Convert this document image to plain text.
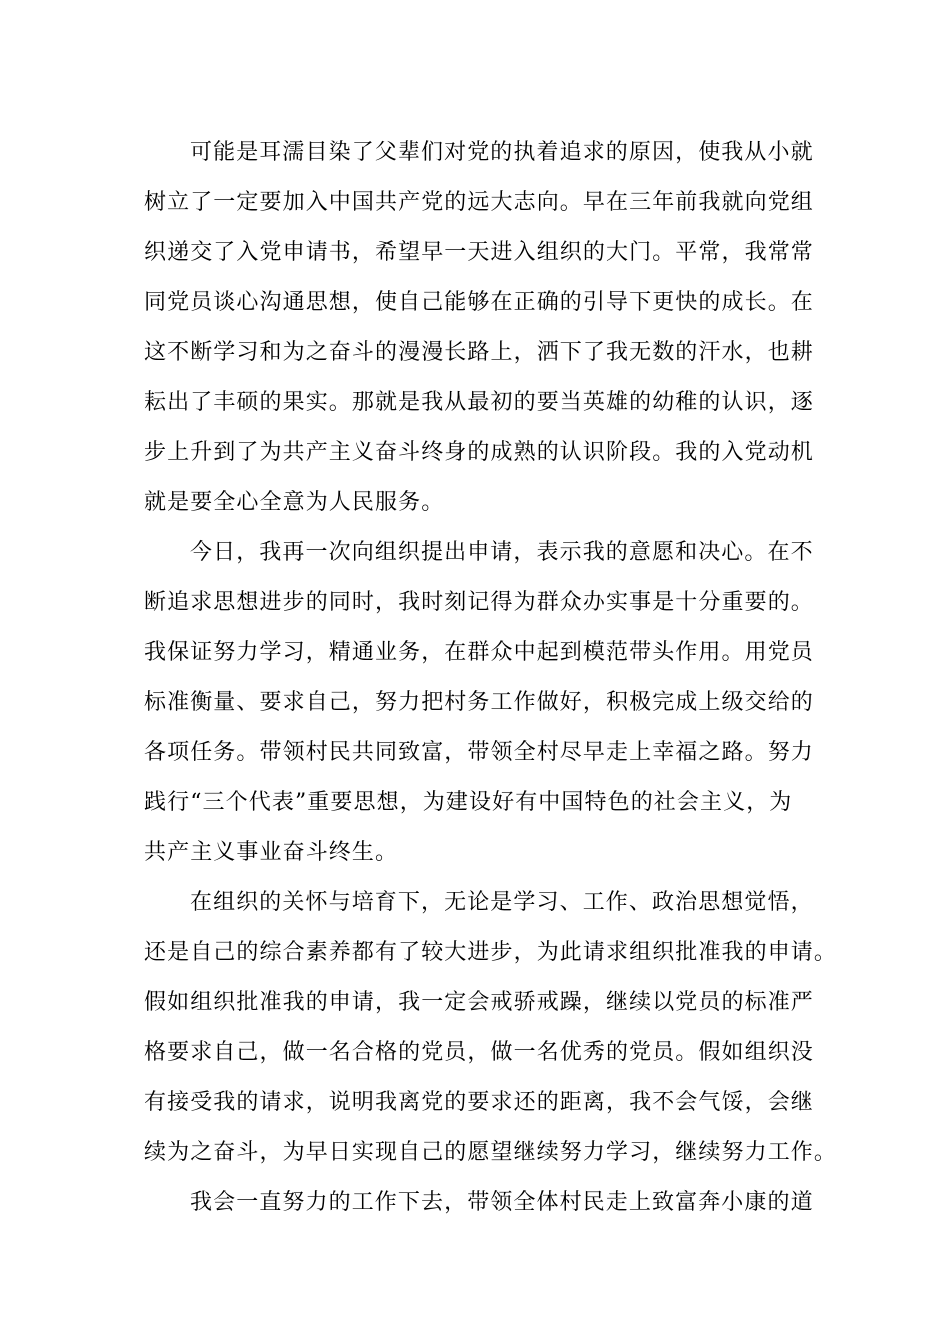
可能是耳濡目染了父辈们对党的执着追求的原因，使我从小就
树立了一定要加入中国共产党的远大志向。早在三年前我就向党组
织递交了入党申请书，希望早一天进入组织的大门。平常，我常常
同党员谈心沟通思想，使自己能够在正确的引导下更快的成长。在
这不断学习和为之奋斗的漫漫长路上，洒下了我无数的汗水，也耕
耘出了丰硕的果实。那就是我从最初的要当英雄的幼稚的认识，逐
步上升到了为共产主义奋斗终身的成熟的认识阶段。我的入党动机
就是要全心全意为人民服务。
今日，我再一次向组织提出申请，表示我的意愿和决心。在不
断追求思想进步的同时，我时刻记得为群众办实事是十分重要的。
我保证努力学习，精通业务，在群众中起到模范带头作用。用党员
标准衡量、要求自己，努力把村务工作做好，积极完成上级交给的
各项任务。带领村民共同致富，带领全村尽早走上幸福之路。努力
践行“三个代表”重要思想，为建设好有中国特色的社会主义，为
共产主义事业奋斗终生。
在组织的关怀与培育下，无论是学习、工作、政治思想觉悟，
还是自己的综合素养都有了较大进步，为此请求组织批准我的申请。
假如组织批准我的申请，我一定会戒骄戒躁，继续以党员的标准严
格要求自己，做一名合格的党员，做一名优秀的党员。假如组织没
有接受我的请求，说明我离党的要求还的距离，我不会气馁，会继
续为之奋斗，为早日实现自己的愿望继续努力学习，继续努力工作。
我会一直努力的工作下去，带领全体村民走上致富奔小康的道
